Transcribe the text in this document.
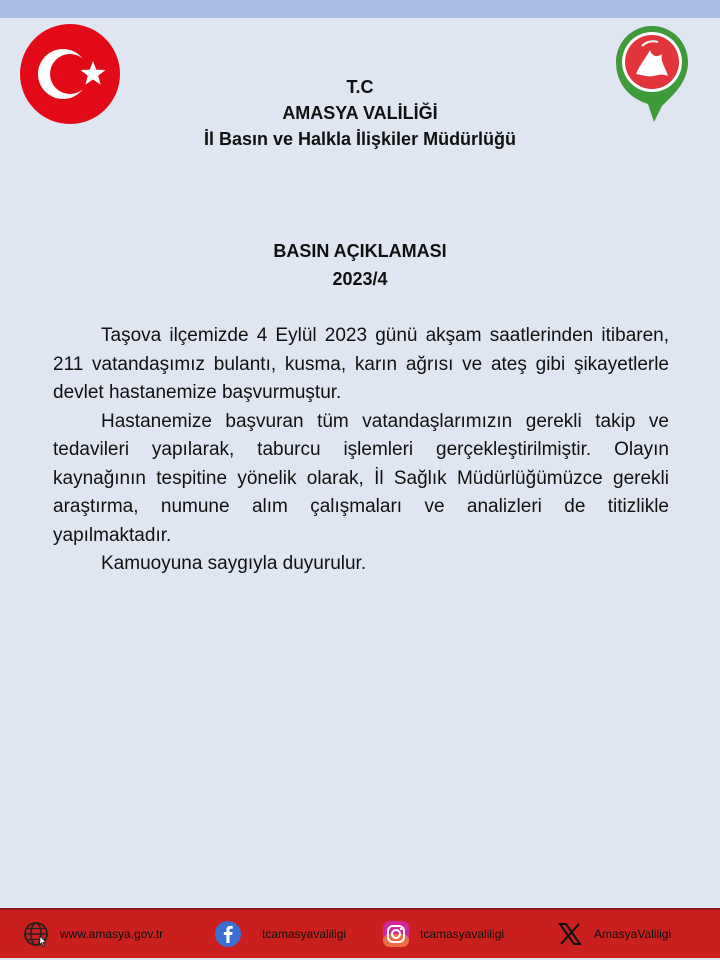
T.C
AMASYA VALİLİĞİ
İl Basın ve Halkla İlişkiler Müdürlüğü
BASIN AÇIKLAMASI
2023/4

Taşova ilçemizde 4 Eylül 2023 günü akşam saatlerinden itibaren, 211 vatandaşımız bulantı, kusma, karın ağrısı ve ateş gibi şikayetlerle devlet hastanemize başvurmuştur.

Hastanemize başvuran tüm vatandaşlarımızın gerekli takip ve tedavileri yapılarak, taburcu işlemleri gerçekleştirilmiştir. Olayın kaynağının tespitine yönelik olarak, İl Sağlık Müdürlüğümüzce gerekli araştırma, numune alım çalışmaları ve analizleri de titizlikle yapılmaktadır.

Kamuoyuna saygıyla duyurulur.

www.amasya.gov.tr	tcamasyavaliligi	tcamasyavaliligi	AmasyaValiligi
